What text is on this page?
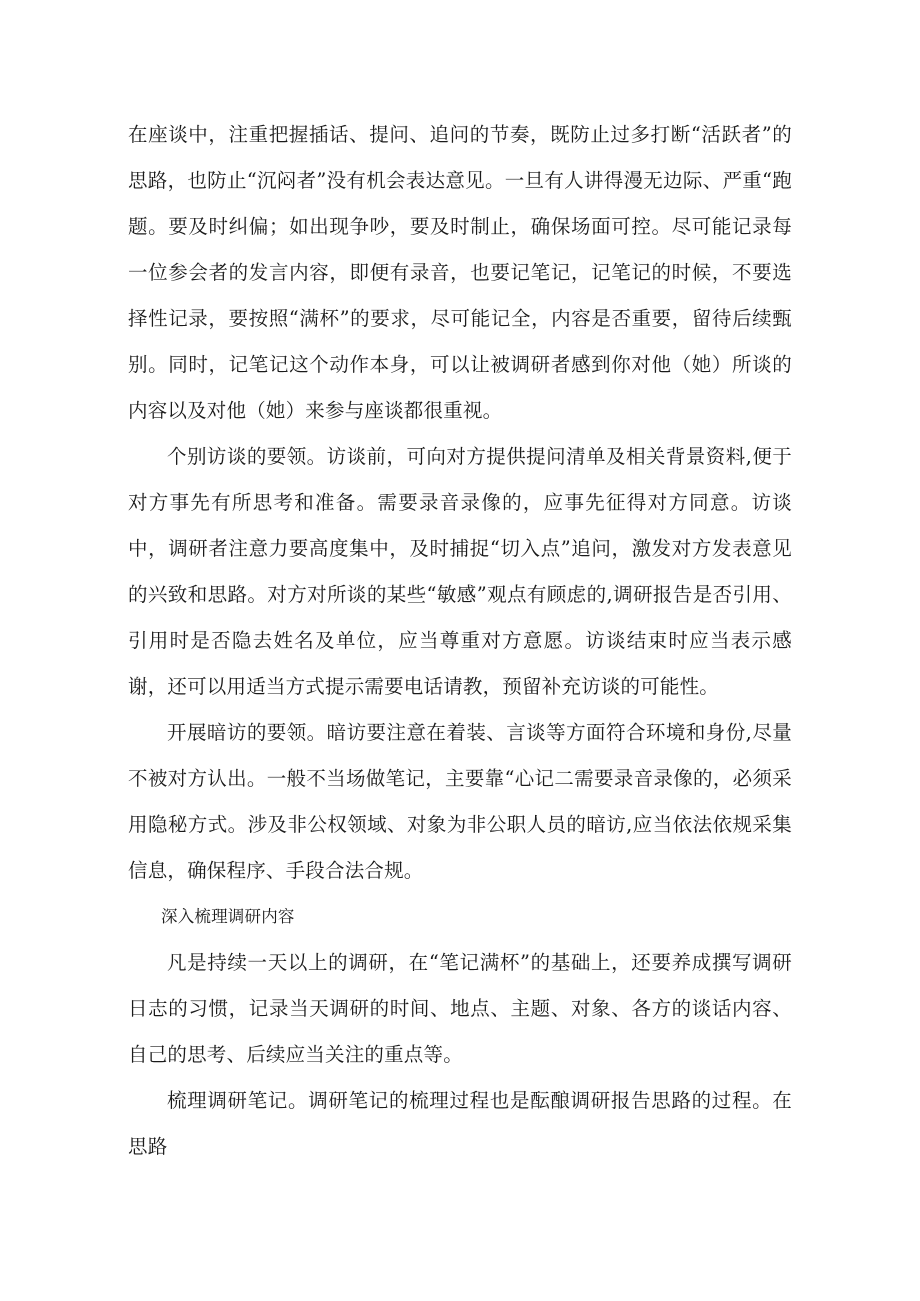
在座谈中，注重把握插话、提问、追问的节奏，既防止过多打断“活跃者”的思路，也防止“沉闷者”没有机会表达意见。一旦有人讲得漫无边际、严重“跑题。要及时纠偏；如出现争吵，要及时制止，确保场面可控。尽可能记录每一位参会者的发言内容，即便有录音，也要记笔记，记笔记的时候，不要选择性记录，要按照“满杯”的要求，尽可能记全，内容是否重要，留待后续甄别。同时，记笔记这个动作本身，可以让被调研者感到你对他（她）所谈的内容以及对他（她）来参与座谈都很重视。

个别访谈的要领。访谈前，可向对方提供提问清单及相关背景资料,便于对方事先有所思考和准备。需要录音录像的，应事先征得对方同意。访谈中，调研者注意力要高度集中，及时捕捉“切入点”追问，激发对方发表意见的兴致和思路。对方对所谈的某些“敏感”观点有顾虑的,调研报告是否引用、引用时是否隐去姓名及单位，应当尊重对方意愿。访谈结束时应当表示感谢，还可以用适当方式提示需要电话请教，预留补充访谈的可能性。

开展暗访的要领。暗访要注意在着装、言谈等方面符合环境和身份,尽量不被对方认出。一般不当场做笔记，主要靠“心记二需要录音录像的，必须采用隐秘方式。涉及非公权领域、对象为非公职人员的暗访,应当依法依规采集信息，确保程序、手段合法合规。

深入梳理调研内容

凡是持续一天以上的调研，在“笔记满杯”的基础上，还要养成撰写调研日志的习惯，记录当天调研的时间、地点、主题、对象、各方的谈话内容、自己的思考、后续应当关注的重点等。

梳理调研笔记。调研笔记的梳理过程也是酝酿调研报告思路的过程。在思路
